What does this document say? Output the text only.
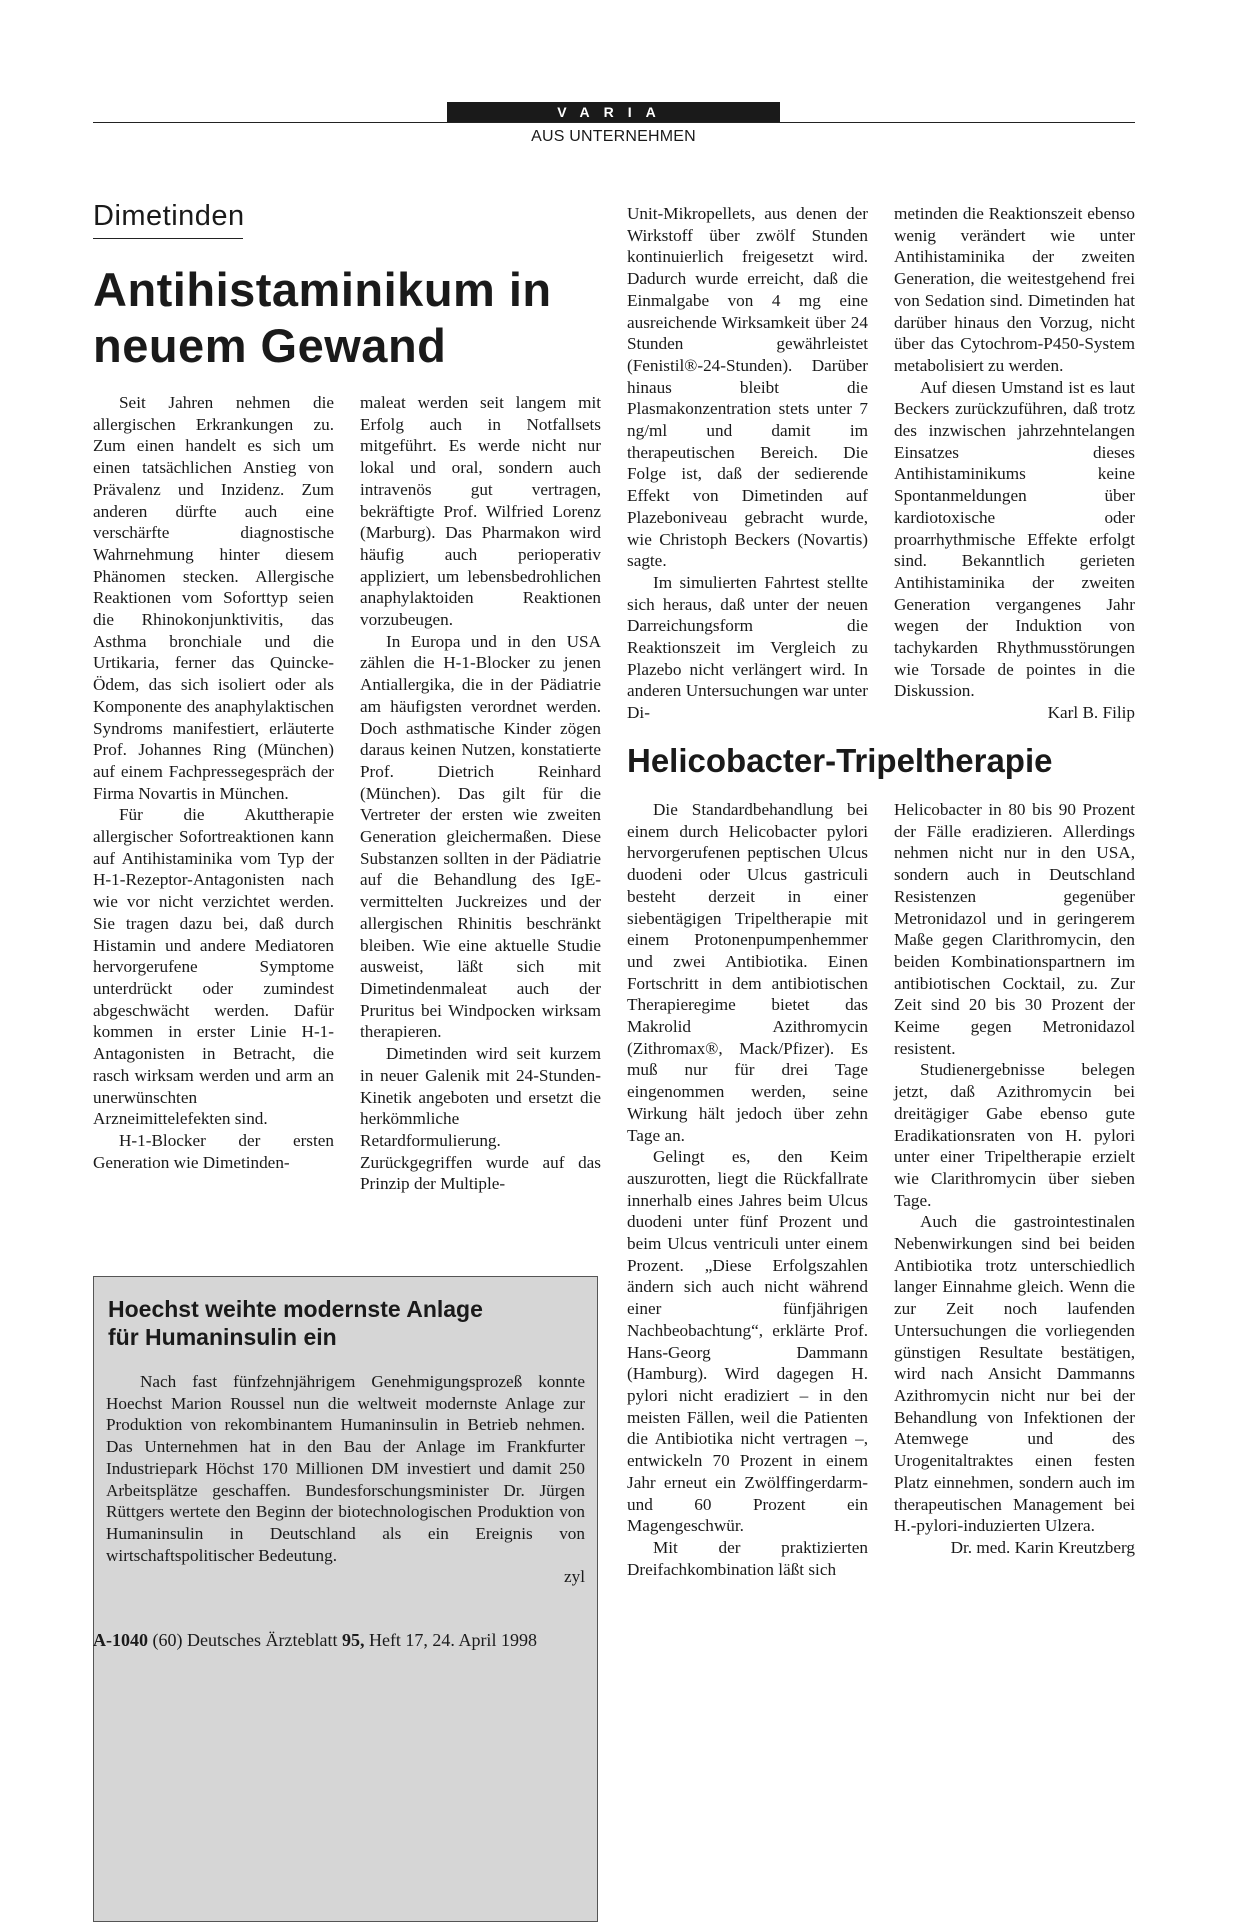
VARIA
AUS UNTERNEHMEN
Dimetinden
Antihistaminikum in neuem Gewand

Seit Jahren nehmen die allergischen Erkrankungen zu. Zum einen handelt es sich um einen tatsächlichen Anstieg von Prävalenz und Inzidenz. Zum anderen dürfte auch eine verschärfte diagnostische Wahrnehmung hinter diesem Phänomen stecken. Allergische Reaktionen vom Soforttyp seien die Rhinokonjunktivitis, das Asthma bronchiale und die Urtikaria, ferner das Quincke-Ödem, das sich isoliert oder als Komponente des anaphylaktischen Syndroms manifestiert, erläuterte Prof. Johannes Ring (München) auf einem Fachpressegespräch der Firma Novartis in München.

Für die Akuttherapie allergischer Sofortreaktionen kann auf Antihistaminika vom Typ der H-1-Rezeptor-Antagonisten nach wie vor nicht verzichtet werden. Sie tragen dazu bei, daß durch Histamin und andere Mediatoren hervorgerufene Symptome unterdrückt oder zumindest abgeschwächt werden. Dafür kommen in erster Linie H-1-Antagonisten in Betracht, die rasch wirksam werden und arm an unerwünschten Arzneimittelefekten sind.

H-1-Blocker der ersten Generation wie Dimetinden-

maleat werden seit langem mit Erfolg auch in Notfallsets mitgeführt. Es werde nicht nur lokal und oral, sondern auch intravenös gut vertragen, bekräftigte Prof. Wilfried Lorenz (Marburg). Das Pharmakon wird häufig auch perioperativ appliziert, um lebensbedrohlichen anaphylaktoiden Reaktionen vorzubeugen.

In Europa und in den USA zählen die H-1-Blocker zu jenen Antiallergika, die in der Pädiatrie am häufigsten verordnet werden. Doch asthmatische Kinder zögen daraus keinen Nutzen, konstatierte Prof. Dietrich Reinhard (München). Das gilt für die Vertreter der ersten wie zweiten Generation gleichermaßen. Diese Substanzen sollten in der Pädiatrie auf die Behandlung des IgE-vermittelten Juckreizes und der allergischen Rhinitis beschränkt bleiben. Wie eine aktuelle Studie ausweist, läßt sich mit Dimetindenmaleat auch der Pruritus bei Windpocken wirksam therapieren.

Dimetinden wird seit kurzem in neuer Galenik mit 24-Stunden-Kinetik angeboten und ersetzt die herkömmliche Retardformulierung. Zurückgegriffen wurde auf das Prinzip der Multiple-

Unit-Mikropellets, aus denen der Wirkstoff über zwölf Stunden kontinuierlich freigesetzt wird. Dadurch wurde erreicht, daß die Einmalgabe von 4 mg eine ausreichende Wirksamkeit über 24 Stunden gewährleistet (Fenistil®-24-Stunden). Darüber hinaus bleibt die Plasmakonzentration stets unter 7 ng/ml und damit im therapeutischen Bereich. Die Folge ist, daß der sedierende Effekt von Dimetinden auf Plazeboniveau gebracht wurde, wie Christoph Beckers (Novartis) sagte.

Im simulierten Fahrtest stellte sich heraus, daß unter der neuen Darreichungsform die Reaktionszeit im Vergleich zu Plazebo nicht verlängert wird. In anderen Untersuchungen war unter Di-

metinden die Reaktionszeit ebenso wenig verändert wie unter Antihistaminika der zweiten Generation, die weitestgehend frei von Sedation sind. Dimetinden hat darüber hinaus den Vorzug, nicht über das Cytochrom-P450-System metabolisiert zu werden.

Auf diesen Umstand ist es laut Beckers zurückzuführen, daß trotz des inzwischen jahrzehntelangen Einsatzes dieses Antihistaminikums keine Spontanmeldungen über kardiotoxische oder proarrhythmische Effekte erfolgt sind. Bekanntlich gerieten Antihistaminika der zweiten Generation vergangenes Jahr wegen der Induktion von tachykarden Rhythmusstörungen wie Torsade de pointes in die Diskussion.

Karl B. Filip
Helicobacter-Tripeltherapie

Die Standardbehandlung bei einem durch Helicobacter pylori hervorgerufenen peptischen Ulcus duodeni oder Ulcus gastriculi besteht derzeit in einer siebentägigen Tripeltherapie mit einem Protonenpumpenhemmer und zwei Antibiotika. Einen Fortschritt in dem antibiotischen Therapieregime bietet das Makrolid Azithromycin (Zithromax®, Mack/Pfizer). Es muß nur für drei Tage eingenommen werden, seine Wirkung hält jedoch über zehn Tage an.

Gelingt es, den Keim auszurotten, liegt die Rückfallrate innerhalb eines Jahres beim Ulcus duodeni unter fünf Prozent und beim Ulcus ventriculi unter einem Prozent. „Diese Erfolgszahlen ändern sich auch nicht während einer fünfjährigen Nachbeobachtung“, erklärte Prof. Hans-Georg Dammann (Hamburg). Wird dagegen H. pylori nicht eradiziert – in den meisten Fällen, weil die Patienten die Antibiotika nicht vertragen –, entwickeln 70 Prozent in einem Jahr erneut ein Zwölffingerdarm- und 60 Prozent ein Magengeschwür.

Mit der praktizierten Dreifachkombination läßt sich

Helicobacter in 80 bis 90 Prozent der Fälle eradizieren. Allerdings nehmen nicht nur in den USA, sondern auch in Deutschland Resistenzen gegenüber Metronidazol und in geringerem Maße gegen Clarithromycin, den beiden Kombinationspartnern im antibiotischen Cocktail, zu. Zur Zeit sind 20 bis 30 Prozent der Keime gegen Metronidazol resistent.

Studienergebnisse belegen jetzt, daß Azithromycin bei dreitägiger Gabe ebenso gute Eradikationsraten von H. pylori unter einer Tripeltherapie erzielt wie Clarithromycin über sieben Tage.

Auch die gastrointestinalen Nebenwirkungen sind bei beiden Antibiotika trotz unterschiedlich langer Einnahme gleich. Wenn die zur Zeit noch laufenden Untersuchungen die vorliegenden günstigen Resultate bestätigen, wird nach Ansicht Dammanns Azithromycin nicht nur bei der Behandlung von Infektionen der Atemwege und des Urogenitaltraktes einen festen Platz einnehmen, sondern auch im therapeutischen Management bei H.-pylori-induzierten Ulzera.

Dr. med. Karin Kreutzberg
Hoechst weihte modernste Anlage
für Humaninsulin ein

Nach fast fünfzehnjährigem Genehmigungsprozeß konnte Hoechst Marion Roussel nun die weltweit modernste Anlage zur Produktion von rekombinantem Humaninsulin in Betrieb nehmen. Das Unternehmen hat in den Bau der Anlage im Frankfurter Industriepark Höchst 170 Millionen DM investiert und damit 250 Arbeitsplätze geschaffen. Bundesforschungsminister Dr. Jürgen Rüttgers wertete den Beginn der biotechnologischen Produktion von Humaninsulin in Deutschland als ein Ereignis von wirtschaftspolitischer Bedeutung.

zyl
A-1040 (60) Deutsches Ärzteblatt 95, Heft 17, 24. April 1998
